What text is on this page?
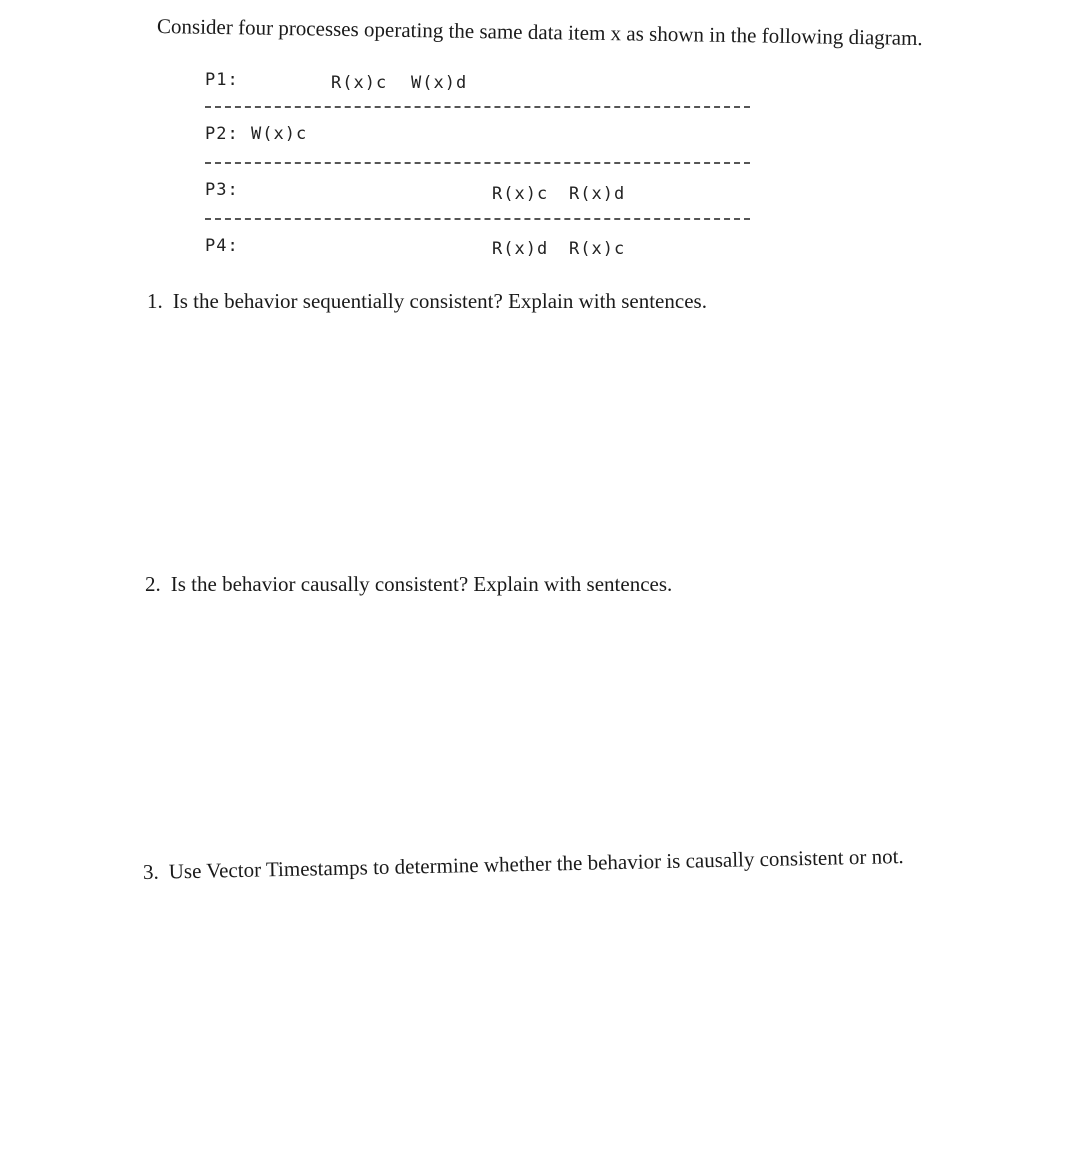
Consider four processes operating the same data item x as shown in the following diagram.
P1:	R(x)c W(x)d
P2: W(x)c
P3:	R(x)c R(x)d
P4:	R(x)d R(x)c
1. Is the behavior sequentially consistent? Explain with sentences.
2. Is the behavior causally consistent? Explain with sentences.
3. Use Vector Timestamps to determine whether the behavior is causally consistent or not.
